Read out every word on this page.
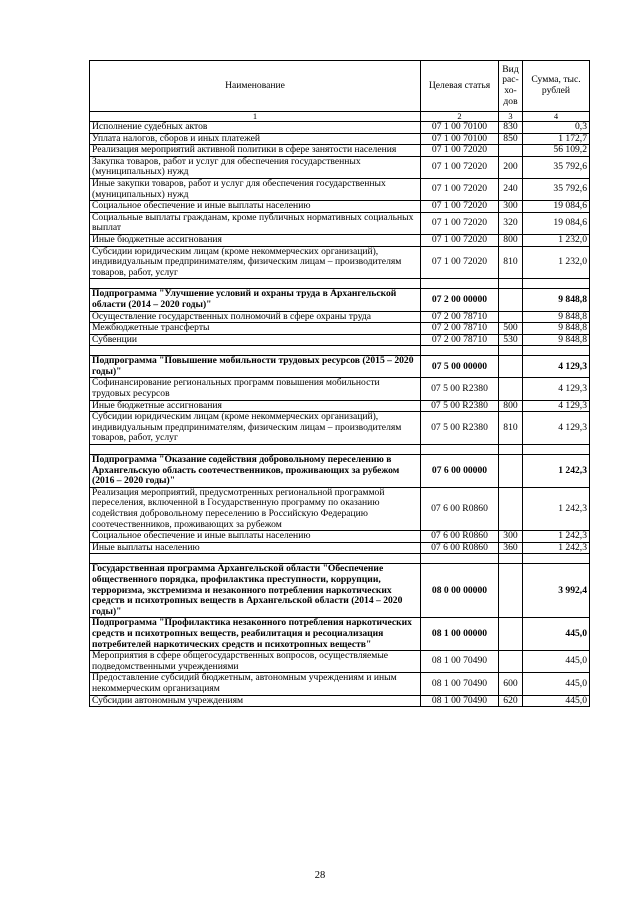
Наименование	Целевая статья	Вид рас-хо-дов	Сумма, тыс. рублей
1	2	3	4
Исполнение судебных актов	07 1 00 70100	830	0,3
Уплата налогов, сборов и иных платежей	07 1 00 70100	850	1 172,7
Реализация мероприятий активной политики в сфере занятости населения	07 1 00 72020		56 109,2
Закупка товаров, работ и услуг для обеспечения государственных (муниципальных) нужд	07 1 00 72020	200	35 792,6
Иные закупки товаров, работ и услуг для обеспечения государственных (муниципальных) нужд	07 1 00 72020	240	35 792,6
Социальное обеспечение и иные выплаты населению	07 1 00 72020	300	19 084,6
Социальные выплаты гражданам, кроме публичных нормативных социальных выплат	07 1 00 72020	320	19 084,6
Иные бюджетные ассигнования	07 1 00 72020	800	1 232,0
Субсидии юридическим лицам (кроме некоммерческих организаций), индивидуальным предпринимателям, физическим лицам – производителям товаров, работ, услуг	07 1 00 72020	810	1 232,0

Подпрограмма "Улучшение условий и охраны труда в Архангельской области (2014 – 2020 годы)"	07 2 00 00000		9 848,8
Осуществление государственных полномочий в сфере охраны труда	07 2 00 78710		9 848,8
Межбюджетные трансферты	07 2 00 78710	500	9 848,8
Субвенции	07 2 00 78710	530	9 848,8

Подпрограмма "Повышение мобильности трудовых ресурсов (2015 – 2020 годы)"	07 5 00 00000		4 129,3
Софинансирование региональных программ повышения мобильности трудовых ресурсов	07 5 00 R2380		4 129,3
Иные бюджетные ассигнования	07 5 00 R2380	800	4 129,3
Субсидии юридическим лицам (кроме некоммерческих организаций), индивидуальным предпринимателям, физическим лицам – производителям товаров, работ, услуг	07 5 00 R2380	810	4 129,3

Подпрограмма "Оказание содействия добровольному переселению в Архангельскую область соотечественников, проживающих за рубежом (2016 – 2020 годы)"	07 6 00 00000		1 242,3
Реализация мероприятий, предусмотренных региональной программой переселения, включенной в Государственную программу по оказанию содействия добровольному переселению в Российскую Федерацию соотечественников, проживающих за рубежом	07 6 00 R0860		1 242,3
Социальное обеспечение и иные выплаты населению	07 6 00 R0860	300	1 242,3
Иные выплаты населению	07 6 00 R0860	360	1 242,3

Государственная программа Архангельской области "Обеспечение общественного порядка, профилактика преступности, коррупции, терроризма, экстремизма и незаконного потребления наркотических средств и психотропных веществ в Архангельской области (2014 – 2020 годы)"	08 0 00 00000		3 992,4
Подпрограмма "Профилактика незаконного потребления наркотических средств и психотропных веществ, реабилитация и ресоциализация потребителей наркотических средств и психотропных веществ"	08 1 00 00000		445,0
Мероприятия в сфере общегосударственных вопросов, осуществляемые подведомственными учреждениями	08 1 00 70490		445,0
Предоставление субсидий бюджетным, автономным учреждениям и иным некоммерческим организациям	08 1 00 70490	600	445,0
Субсидии автономным учреждениям	08 1 00 70490	620	445,0
28
